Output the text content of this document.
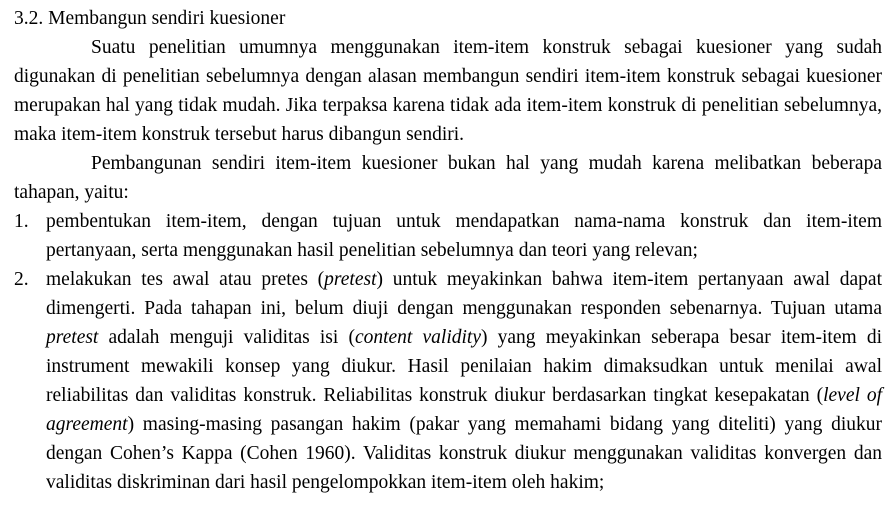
3.2. Membangun sendiri kuesioner

Suatu penelitian umumnya menggunakan item-item konstruk sebagai kuesioner yang sudah digunakan di penelitian sebelumnya dengan alasan membangun sendiri item-item konstruk sebagai kuesioner merupakan hal yang tidak mudah. Jika terpaksa karena tidak ada item-item konstruk di penelitian sebelumnya, maka item-item konstruk tersebut harus dibangun sendiri.

Pembangunan sendiri item-item kuesioner bukan hal yang mudah karena melibatkan beberapa tahapan, yaitu:

1. pembentukan item-item, dengan tujuan untuk mendapatkan nama-nama konstruk dan item-item pertanyaan, serta menggunakan hasil penelitian sebelumnya dan teori yang relevan;
2. melakukan tes awal atau pretes (pretest) untuk meyakinkan bahwa item-item pertanyaan awal dapat dimengerti. Pada tahapan ini, belum diuji dengan menggunakan responden sebenarnya. Tujuan utama pretest adalah menguji validitas isi (content validity) yang meyakinkan seberapa besar item-item di instrument mewakili konsep yang diukur. Hasil penilaian hakim dimaksudkan untuk menilai awal reliabilitas dan validitas konstruk. Reliabilitas konstruk diukur berdasarkan tingkat kesepakatan (level of agreement) masing-masing pasangan hakim (pakar yang memahami bidang yang diteliti) yang diukur dengan Cohen’s Kappa (Cohen 1960). Validitas konstruk diukur menggunakan validitas konvergen dan validitas diskriminan dari hasil pengelompokkan item-item oleh hakim;
